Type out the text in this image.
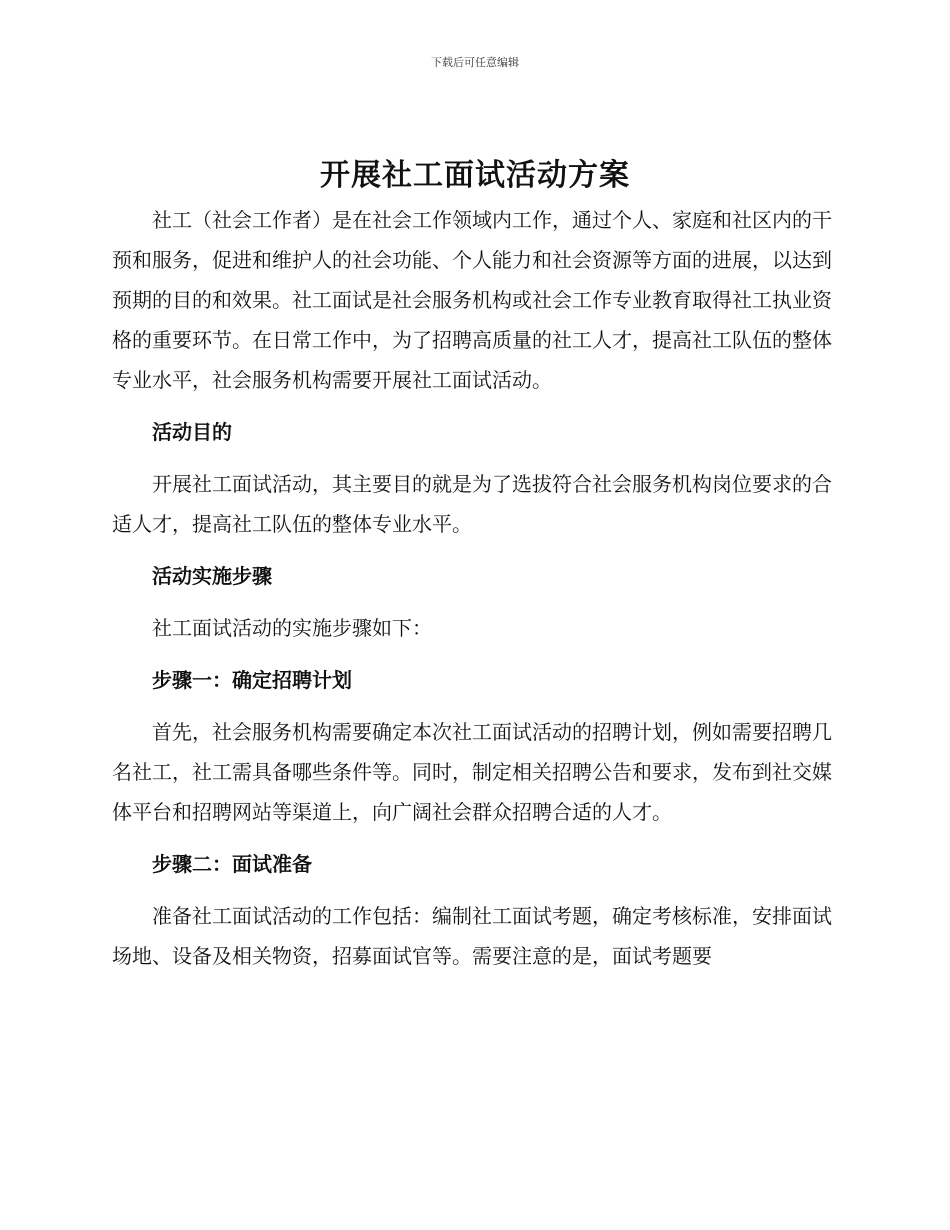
下载后可任意编辑
开展社工面试活动方案

社工（社会工作者）是在社会工作领域内工作，通过个人、家庭和社区内的干预和服务，促进和维护人的社会功能、个人能力和社会资源等方面的进展，以达到预期的目的和效果。社工面试是社会服务机构或社会工作专业教育取得社工执业资格的重要环节。在日常工作中，为了招聘高质量的社工人才，提高社工队伍的整体专业水平，社会服务机构需要开展社工面试活动。

活动目的

开展社工面试活动，其主要目的就是为了选拔符合社会服务机构岗位要求的合适人才，提高社工队伍的整体专业水平。

活动实施步骤

社工面试活动的实施步骤如下：

步骤一：确定招聘计划

首先，社会服务机构需要确定本次社工面试活动的招聘计划，例如需要招聘几名社工，社工需具备哪些条件等。同时，制定相关招聘公告和要求，发布到社交媒体平台和招聘网站等渠道上，向广阔社会群众招聘合适的人才。

步骤二：面试准备

准备社工面试活动的工作包括：编制社工面试考题，确定考核标准，安排面试场地、设备及相关物资，招募面试官等。需要注意的是，面试考题要
